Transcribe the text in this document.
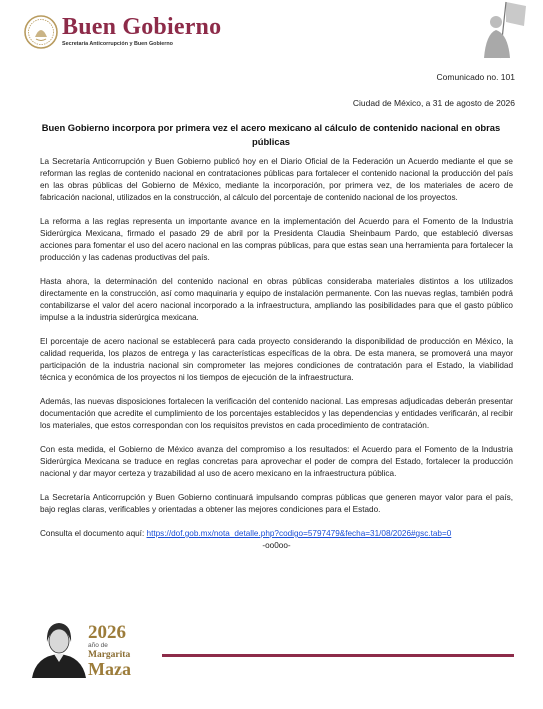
Buen Gobierno
Secretaría Anticorrupción y Buen Gobierno
Comunicado no. 101
Ciudad de México, a 31 de agosto de 2026
Buen Gobierno incorpora por primera vez el acero mexicano al cálculo de contenido nacional en obras públicas

La Secretaría Anticorrupción y Buen Gobierno publicó hoy en el Diario Oficial de la Federación un Acuerdo mediante el que se reforman las reglas de contenido nacional en contrataciones públicas para fortalecer el contenido nacional la producción del país en las obras públicas del Gobierno de México, mediante la incorporación, por primera vez, de los materiales de acero de fabricación nacional, utilizados en la construcción, al cálculo del porcentaje de contenido nacional de los proyectos.

La reforma a las reglas representa un importante avance en la implementación del Acuerdo para el Fomento de la Industria Siderúrgica Mexicana, firmado el pasado 29 de abril por la Presidenta Claudia Sheinbaum Pardo, que estableció diversas acciones para fomentar el uso del acero nacional en las compras públicas, para que estas sean una herramienta para fortalecer la producción y las cadenas productivas del país.

Hasta ahora, la determinación del contenido nacional en obras públicas consideraba materiales distintos a los utilizados directamente en la construcción, así como maquinaria y equipo de instalación permanente. Con las nuevas reglas, también podrá contabilizarse el valor del acero nacional incorporado a la infraestructura, ampliando las posibilidades para que el gasto público impulse a la industria siderúrgica mexicana.

El porcentaje de acero nacional se establecerá para cada proyecto considerando la disponibilidad de producción en México, la calidad requerida, los plazos de entrega y las características específicas de la obra. De esta manera, se promoverá una mayor participación de la industria nacional sin comprometer las mejores condiciones de contratación para el Estado, la viabilidad técnica y económica de los proyectos ni los tiempos de ejecución de la infraestructura.

Además, las nuevas disposiciones fortalecen la verificación del contenido nacional. Las empresas adjudicadas deberán presentar documentación que acredite el cumplimiento de los porcentajes establecidos y las dependencias y entidades verificarán, al recibir los materiales, que estos correspondan con los requisitos previstos en cada procedimiento de contratación.

Con esta medida, el Gobierno de México avanza del compromiso a los resultados: el Acuerdo para el Fomento de la Industria Siderúrgica Mexicana se traduce en reglas concretas para aprovechar el poder de compra del Estado, fortalecer la producción nacional y dar mayor certeza y trazabilidad al uso de acero mexicano en la infraestructura pública.

La Secretaría Anticorrupción y Buen Gobierno continuará impulsando compras públicas que generen mayor valor para el país, bajo reglas claras, verificables y orientadas a obtener las mejores condiciones para el Estado.

Consulta el documento aquí: https://dof.gob.mx/nota_detalle.php?codigo=5797479&fecha=31/08/2026#gsc.tab=0

-oo0oo-
2026
año de
Margarita
Maza
